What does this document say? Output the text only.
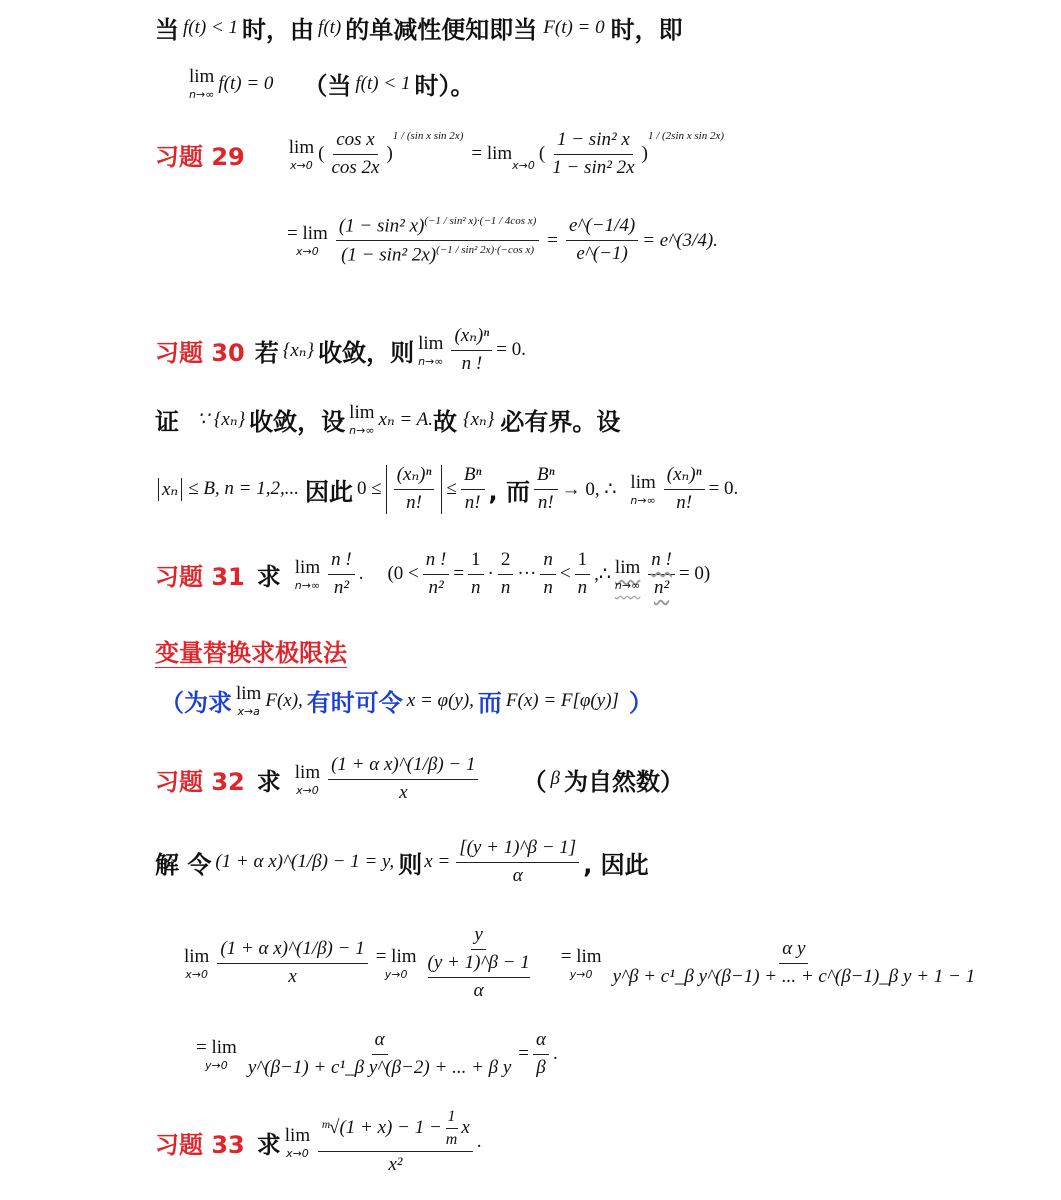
当 f(t) < 1 时，由 f(t) 的单减性便知即当 F(t) = 0 时，即
lim
n→∞
f(t) = 0 （当 f(t) < 1 时）。
习题 29 lim
x→0
( $\frac{\text{cos x}}{\cos 2x}$ )
1 / (sin x sin 2x)
= lim
x→0
( $\frac{\text{1 − sin² x}}{\text{1 − sin² 2x}}$ )
1 / (2sin x sin 2x)
= lim
$x\to 0 \frac{(1 - \sin^2 x)^{(-1 / sin^2 x)\cdot(-1 / 4cos x)}}{(1 - \sin^2 2x)^{(-1 / sin^2 2x)\cdot(-cos x)}} = \frac{e\^{}(-1/4)}{e\^{}(-1)}$ = e^(3/4).
习题 30 若 {xₙ} 收敛，则 lim
$n\to\infty \frac{\text{(xₙ)ⁿ}}{n !} = 0$.
证 ∵ {xₙ} 收敛，设 lim
n→∞
xₙ = A. 故 {xₙ} 必有界。设
xₙ ≤ B, n = 1,2,... 因此 $0 \le \frac{\text{(xₙ)ⁿ}}{n!} \le \frac{\text{Bⁿ}}{n!}$ , 而 $\frac{\text{Bⁿ}}{n!} \to 0$, ∴ lim
$n\to\infty \frac{\text{(xₙ)ⁿ}}{n!} = 0$.
习题 31 求 lim
$n\to\infty \frac{n !}{\text{n²}}$ . ($0 < \frac{n !}{\text{n²}} = \frac{1}{n} \cdot \frac{2}{n}$ ··· $\frac{n}{n} < \frac{1}{n}$ ,∴ lim
$n\to\infty \frac{n !}{\text{n²}} = 0$)
变量替换求极限法
（为求 lim
x→a
F(x), 有时可令 x = φ(y), 而 F(x) = F[φ(y)] ）
习题 32 求 lim
$x\to 0 \frac{\text{(1 + α x)\textasciicircum{}(1/β) − 1}}{x}$ （ β 为自然数）
解 令 (1 + α x)^(1/β) − 1 = y, 则 $x = \frac{[(y + 1)\^{}\beta - 1]}{\alpha}$ , 因此
lim
$x\to 0 \frac{\text{(1 + α x)\textasciicircum{}(1/β) − 1}}{x} = \lim$
$y\to 0 \frac{y}{\frac{(y + 1)\^{}\beta - 1}{\alpha}} = \lim$
$y\to 0 \frac{\text{α y}}{\text{y\textasciicircum{}β + c¹\_β y\textasciicircum{}(β−1) + ... + c\textasciicircum{}(β−1)\_β y + 1 − 1}}$
= lim
$y\to 0 \frac{\alpha}{\text{y\textasciicircum{}(β−1) + c¹\_β y\textasciicircum{}(β−2) + ... + β y}} = \frac{\alpha}{\beta}$ .
习题 33 求 lim
$x\to 0 \frac{ᵐ√(1 + x) - 1 - \frac{1}{m} x}{\text{x²}}$ .
